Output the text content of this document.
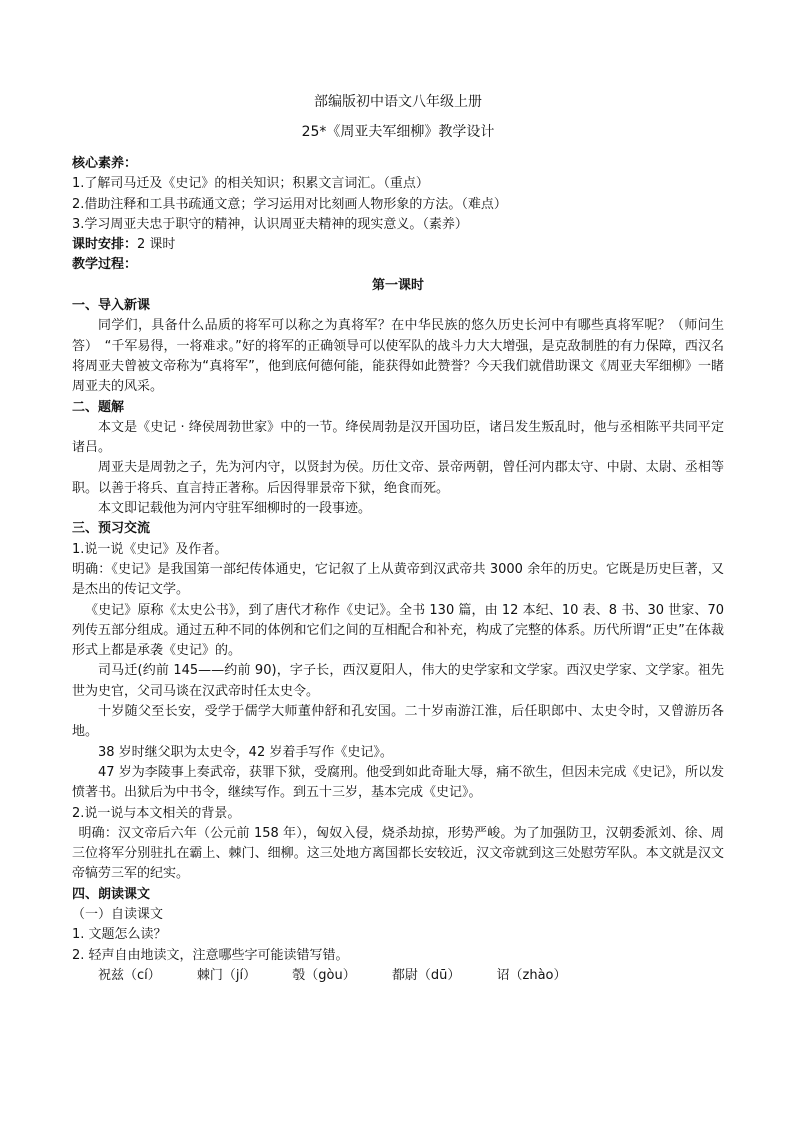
部编版初中语文八年级上册
25*《周亚夫军细柳》教学设计
核心素养：
1.了解司马迁及《史记》的相关知识；积累文言词汇。（重点）
2.借助注释和工具书疏通文意；学习运用对比刻画人物形象的方法。（难点）
3.学习周亚夫忠于职守的精神，认识周亚夫精神的现实意义。（素养）
课时安排：2 课时
教学过程：
第一课时
一、导入新课
同学们，具备什么品质的将军可以称之为真将军？在中华民族的悠久历史长河中有哪些真将军呢？（师问生答）　“千军易得，一将难求。”好的将军的正确领导可以使军队的战斗力大大增强，是克敌制胜的有力保障，西汉名将周亚夫曾被文帝称为“真将军”，他到底何德何能，能获得如此赞誉？今天我们就借助课文《周亚夫军细柳》一睹周亚夫的风采。
二、题解
本文是《史记 · 绛侯周勃世家》中的一节。绛侯周勃是汉开国功臣，诸吕发生叛乱时，他与丞相陈平共同平定诸吕。
周亚夫是周勃之子，先为河内守，以贤封为侯。历仕文帝、景帝两朝，曾任河内郡太守、中尉、太尉、丞相等职。以善于将兵、直言持正著称。后因得罪景帝下狱，绝食而死。
本文即记载他为河内守驻军细柳时的一段事迹。
三、预习交流
1.说一说《史记》及作者。
明确：《史记》是我国第一部纪传体通史，它记叙了上从黄帝到汉武帝共 3000 余年的历史。它既是历史巨著，又是杰出的传记文学。
《史记》原称《太史公书》，到了唐代才称作《史记》。全书 130 篇，由 12 本纪、10 表、8 书、30 世家、70 列传五部分组成。通过五种不同的体例和它们之间的互相配合和补充，构成了完整的体系。历代所谓“正史”在体裁形式上都是承袭《史记》的。
司马迁(约前 145——约前 90)，字子长，西汉夏阳人，伟大的史学家和文学家。西汉史学家、文学家。祖先世为史官，父司马谈在汉武帝时任太史令。
十岁随父至长安，受学于儒学大师董仲舒和孔安国。二十岁南游江淮，后任职郎中、太史令时，又曾游历各地。
38 岁时继父职为太史令，42 岁着手写作《史记》。
47 岁为李陵事上奏武帝，获罪下狱，受腐刑。他受到如此奇耻大辱，痛不欲生，但因未完成《史记》，所以发愤著书。出狱后为中书令，继续写作。到五十三岁，基本完成《史记》。
2.说一说与本文相关的背景。
明确：汉文帝后六年（公元前 158 年），匈奴入侵，烧杀劫掠，形势严峻。为了加强防卫，汉朝委派刘、徐、周三位将军分别驻扎在霸上、棘门、细柳。这三处地方离国都长安较近，汉文帝就到这三处慰劳军队。本文就是汉文帝犒劳三军的纪实。
四、朗读课文
（一）自读课文
1. 文题怎么读？
2. 轻声自由地读文，注意哪些字可能读错写错。
祝兹（cí）	棘门（jí）	彀（gòu）	都尉（dū）	诏（zhào）
